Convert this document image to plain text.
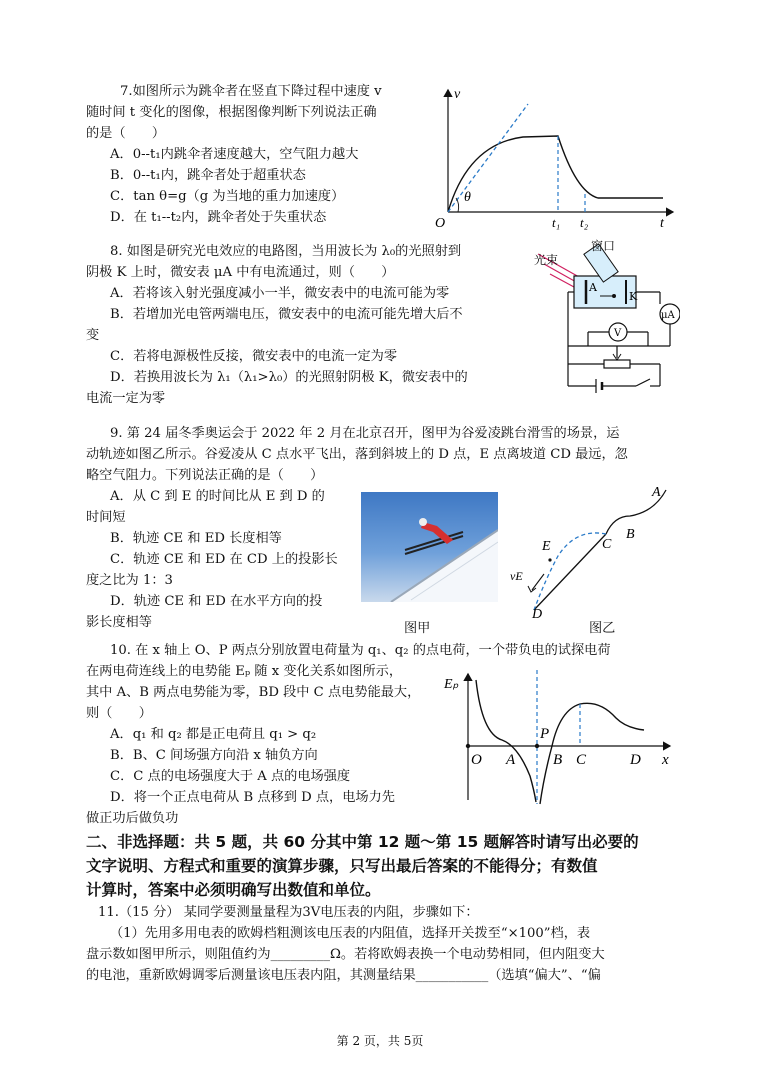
7.如图所示为跳伞者在竖直下降过程中速度 v
随时间 t 变化的图像，根据图像判断下列说法正确
的是（　　）
A．0--t₁内跳伞者速度越大，空气阻力越大
B．0--t₁内，跳伞者处于超重状态
C．tan θ=g（g 为当地的重力加速度）
D．在 t₁--t₂内，跳伞者处于失重状态
v
t
O
θ
t₁ t₂
8. 如图是研究光电效应的电路图，当用波长为 λ₀的光照射到
阴极 K 上时，微安表 μA 中有电流通过，则（　　）
A．若将该入射光强度减小一半，微安表中的电流可能为零
B．若增加光电管两端电压，微安表中的电流可能先增大后不
变
C．若将电源极性反接，微安表中的电流一定为零
D．若换用波长为 λ₁（λ₁>λ₀）的光照射阴极 K，微安表中的
电流一定为零
A
K
μA
V
窗口
光束
9. 第 24 届冬季奥运会于 2022 年 2 月在北京召开，图甲为谷爱凌跳台滑雪的场景，运
动轨迹如图乙所示。谷爱凌从 C 点水平飞出，落到斜坡上的 D 点，E 点离坡道 CD 最远，忽
略空气阻力。下列说法正确的是（　　）
A．从 C 到 E 的时间比从 E 到 D 的
时间短
B．轨迹 CE 和 ED 长度相等
C．轨迹 CE 和 ED 在 CD 上的投影长
度之比为 1：3
D．轨迹 CE 和 ED 在水平方向的投
影长度相等
A
B
C
E
vE
D
图甲	图乙
10. 在 x 轴上 O、P 两点分别放置电荷量为 q₁、q₂ 的点电荷，一个带负电的试探电荷
在两电荷连线上的电势能 Eₚ 随 x 变化关系如图所示，
其中 A、B 两点电势能为零，BD 段中 C 点电势能最大，
则（　　）
A．q₁ 和 q₂ 都是正电荷且 q₁ > q₂
B．B、C 间场强方向沿 x 轴负方向
C．C 点的电场强度大于 A 点的电场强度
D．将一个正点电荷从 B 点移到 D 点，电场力先
做正功后做负功
Eₚ
O A
P
B C	D x
二、非选择题：共 5 题，共 60 分其中第 12 题～第 15 题解答时请写出必要的
文字说明、方程式和重要的演算步骤，只写出最后答案的不能得分；有数值
计算时，答案中必须明确写出数值和单位。
11.（15 分） 某同学要测量量程为3V电压表的内阻，步骤如下：
（1）先用多用电表的欧姆档粗测该电压表的内阻值，选择开关拨至“×100”档，表
盘示数如图甲所示，则阻值约为_________Ω。若将欧姆表换一个电动势相同，但内阻变大
的电池，重新欧姆调零后测量该电压表内阻，其测量结果___________（选填“偏大”、“偏
第 2 页，共 5页
